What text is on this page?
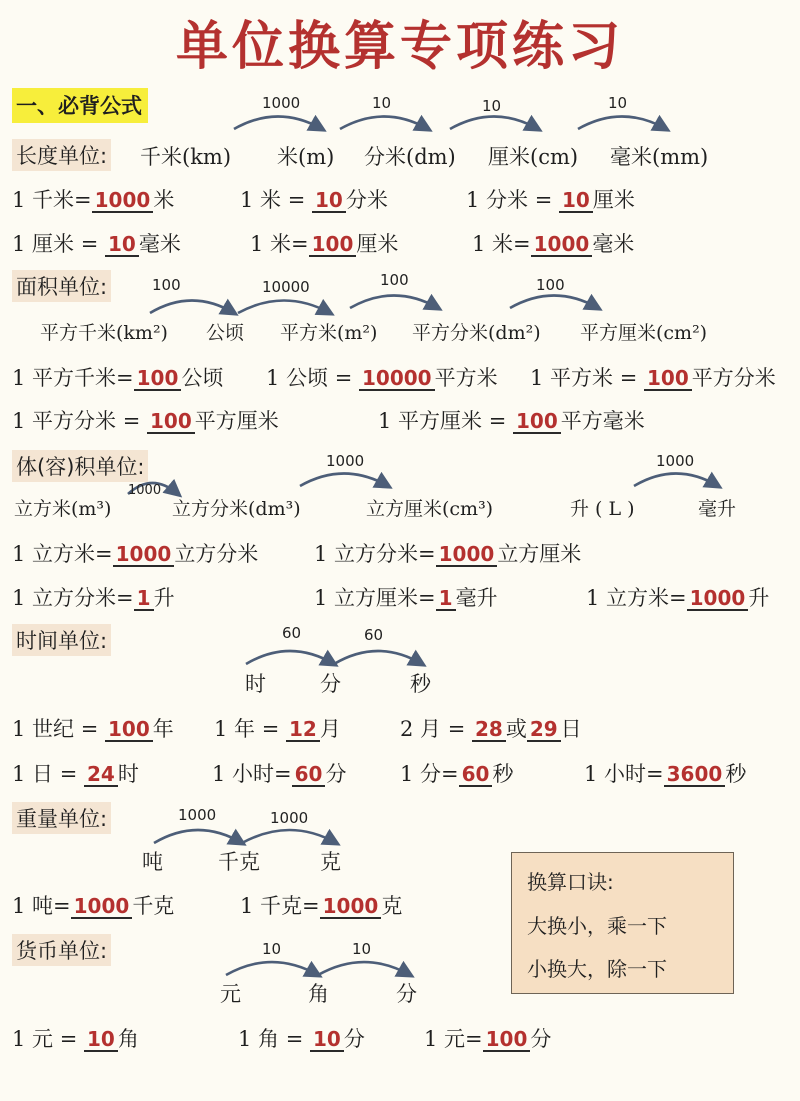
单位换算专项练习
一、必背公式
长度单位:
1000	10	10	10
千米(km) 米(m) 分米(dm) 厘米(cm) 毫米(mm)
1 千米= 1000 米	1 米 = 10 分米	1 分米 = 10 厘米
1 厘米 = 10 毫米	1 米= 100 厘米	1 米= 1000 毫米
面积单位:	100	10000	100	100
平方千米(km²) 公顷 平方米(m²) 平方分米(dm²) 平方厘米(cm²)
1 平方千米= 100 公顷 1 公顷 = 10000 平方米 1 平方米 = 100 平方分米
1 平方分米 = 100 平方厘米	1 平方厘米 = 100 平方毫米
体(容)积单位:
1000
1000	1000
立方米(m³)	立方分米(dm³)	立方厘米(cm³)	升 ( L )	毫升
1 立方米= 1000 立方分米	1 立方分米= 1000 立方厘米
1 立方分米= 1 升	1 立方厘米= 1 毫升	1 立方米= 1000 升
时间单位:	60	60
时	分	秒
1 世纪 = 100 年 1 年 = 12 月	2 月 = 28 或 29 日
1 日 = 24 时	1 小时= 60 分	1 分= 60 秒	1 小时= 3600 秒
重量单位:	1000	1000
吨	千克	克
1 吨= 1000 千克	1 千克= 1000 克
货币单位:	10	10
元	角	分
1 元 = 10 角	1 角 = 10 分	1 元= 100 分
换算口诀:
大换小，乘一下
小换大，除一下
